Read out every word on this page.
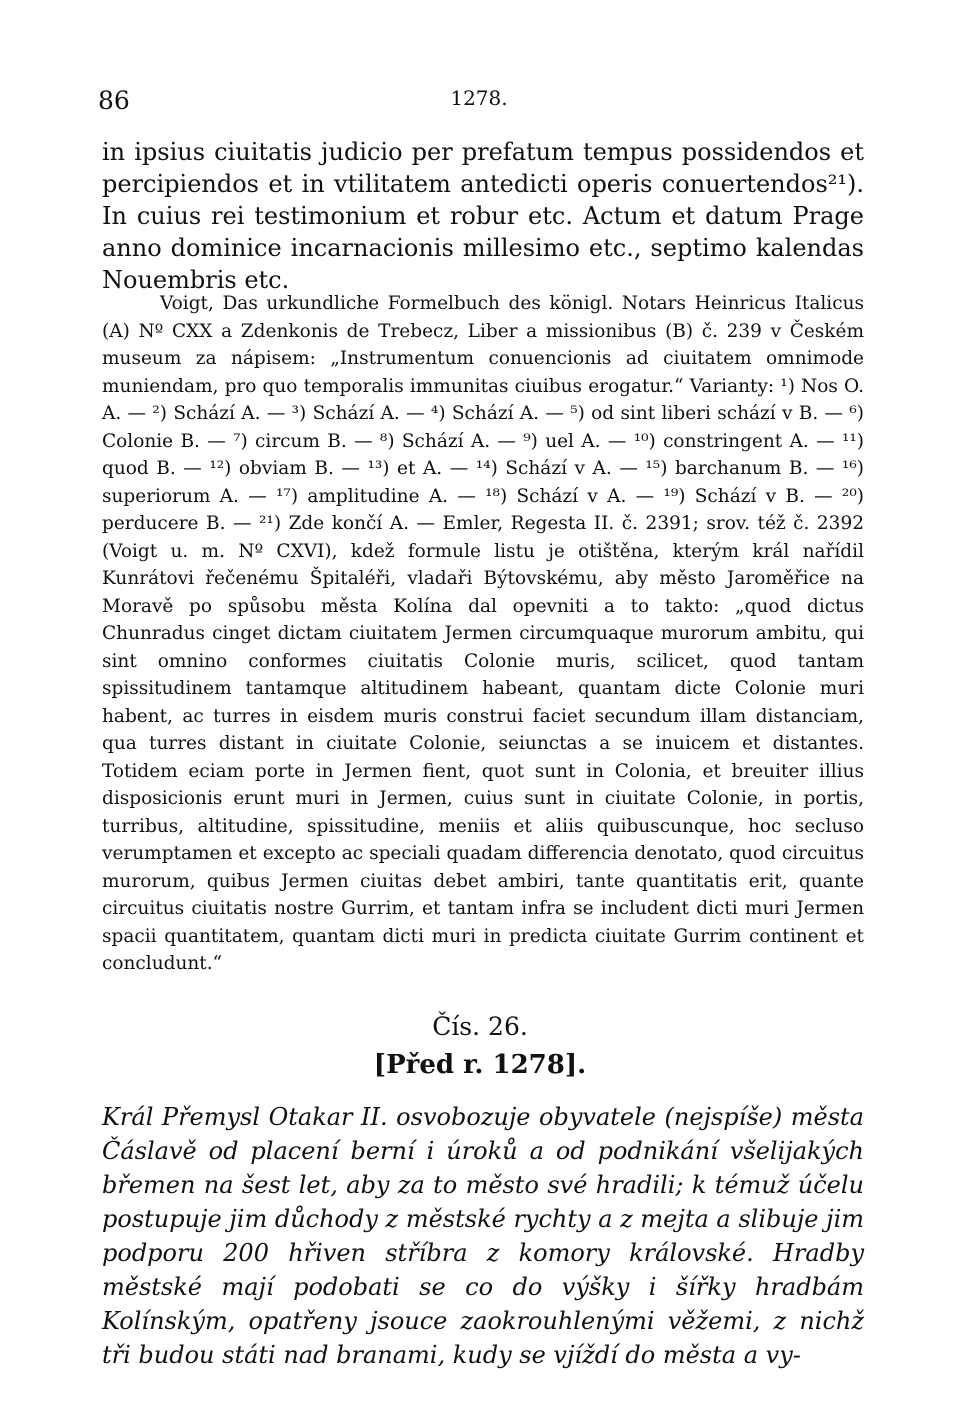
86	1278.

in ipsius ciuitatis judicio per prefatum tempus possidendos et percipiendos et in vtilitatem antedicti operis conuertendos²¹). In cuius rei testimonium et robur etc. Actum et datum Prage anno dominice incarnacionis millesimo etc., septimo kalendas Nouembris etc.

Voigt, Das urkundliche Formelbuch des königl. Notars Heinricus Italicus (A) Nº CXX a Zdenkonis de Trebecz, Liber a missionibus (B) č. 239 v Českém museum za nápisem: „Instrumentum conuencionis ad ciuitatem omnimode muniendam, pro quo temporalis immunitas ciuibus erogatur.“ Varianty: ¹) Nos O. A. — ²) Schází A. — ³) Schází A. — ⁴) Schází A. — ⁵) od sint liberi schází v B. — ⁶) Colonie B. — ⁷) circum B. — ⁸) Schází A. — ⁹) uel A. — ¹⁰) constringent A. — ¹¹) quod B. — ¹²) obviam B. — ¹³) et A. — ¹⁴) Schází v A. — ¹⁵) barchanum B. — ¹⁶) superiorum A. — ¹⁷) amplitudine A. — ¹⁸) Schází v A. — ¹⁹) Schází v B. — ²⁰) perducere B. — ²¹) Zde končí A. — Emler, Regesta II. č. 2391; srov. též č. 2392 (Voigt u. m. Nº CXVI), kdež formule listu je otištěna, kterým král nařídil Kunrátovi řečenému Špitaléři, vladaři Býtovskému, aby město Jaroměřice na Moravě po spůsobu města Kolína dal opevniti a to takto: „quod dictus Chunradus cinget dictam ciuitatem Jermen circumquaque murorum ambitu, qui sint omnino conformes ciuitatis Colonie muris, scilicet, quod tantam spissitudinem tantamque altitudinem habeant, quantam dicte Colonie muri habent, ac turres in eisdem muris construi faciet secundum illam distanciam, qua turres distant in ciuitate Colonie, seiunctas a se inuicem et distantes. Totidem eciam porte in Jermen fient, quot sunt in Colonia, et breuiter illius disposicionis erunt muri in Jermen, cuius sunt in ciuitate Colonie, in portis, turribus, altitudine, spissitudine, meniis et aliis quibuscunque, hoc secluso verumptamen et excepto ac speciali quadam differencia denotato, quod circuitus murorum, quibus Jermen ciuitas debet ambiri, tante quantitatis erit, quante circuitus ciuitatis nostre Gurrim, et tantam infra se includent dicti muri Jermen spacii quantitatem, quantam dicti muri in predicta ciuitate Gurrim continent et concludunt.“

Čís. 26.
[Před r. 1278].

Král Přemysl Otakar II. osvobozuje obyvatele (nejspíše) města Čáslavě od placení berní i úroků a od podnikání všelijakých břemen na šest let, aby za to město své hradili; k témuž účelu postupuje jim důchody z městské rychty a z mejta a slibuje jim podporu 200 hřiven stříbra z komory královské. Hradby městské mají podobati se co do výšky i šířky hradbám Kolínským, opatřeny jsouce zaokrouhlenými věžemi, z nichž tři budou státi nad branami, kudy se vjíždí do města a vy-
